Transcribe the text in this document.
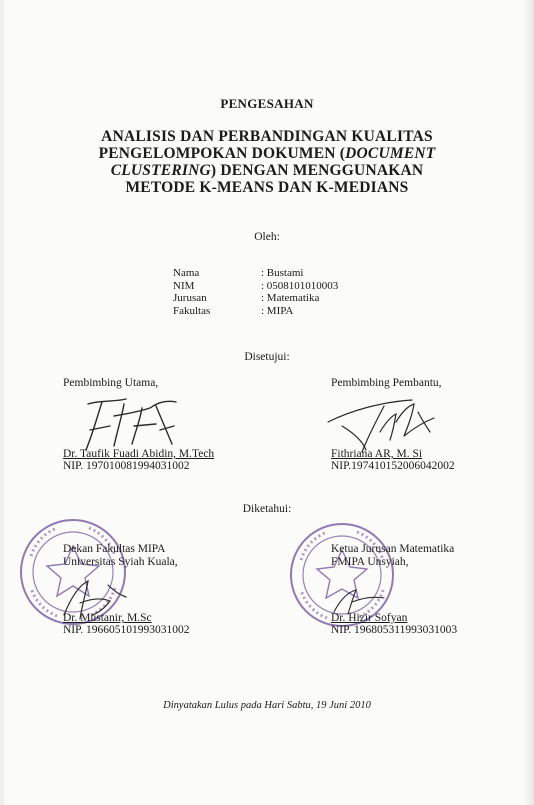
PENGESAHAN
ANALISIS DAN PERBANDINGAN KUALITAS
PENGELOMPOKAN DOKUMEN (DOCUMENT
CLUSTERING) DENGAN MENGGUNAKAN
METODE K-MEANS DAN K-MEDIANS
Oleh:
Nama	: Bustami
NIM	: 0508101010003
Jurusan	: Matematika
Fakultas	: MIPA
Disetujui:
Pembimbing Utama,
Dr. Taufik Fuadi Abidin, M.Tech
NIP. 197010081994031002
Pembimbing Pembantu,
Fithriana AR, M. Si
NIP.197410152006042002
Diketahui:
Dekan Fakultas MIPA
Universitas Syiah Kuala,
Dr. Mustanir, M.Sc
NIP. 196605101993031002
Ketua Jurusan Matematika
FMIPA Unsyiah,
Dr. Hizir Sofyan
NIP. 196805311993031003
Dinyatakan Lulus pada Hari Sabtu, 19 Juni 2010
